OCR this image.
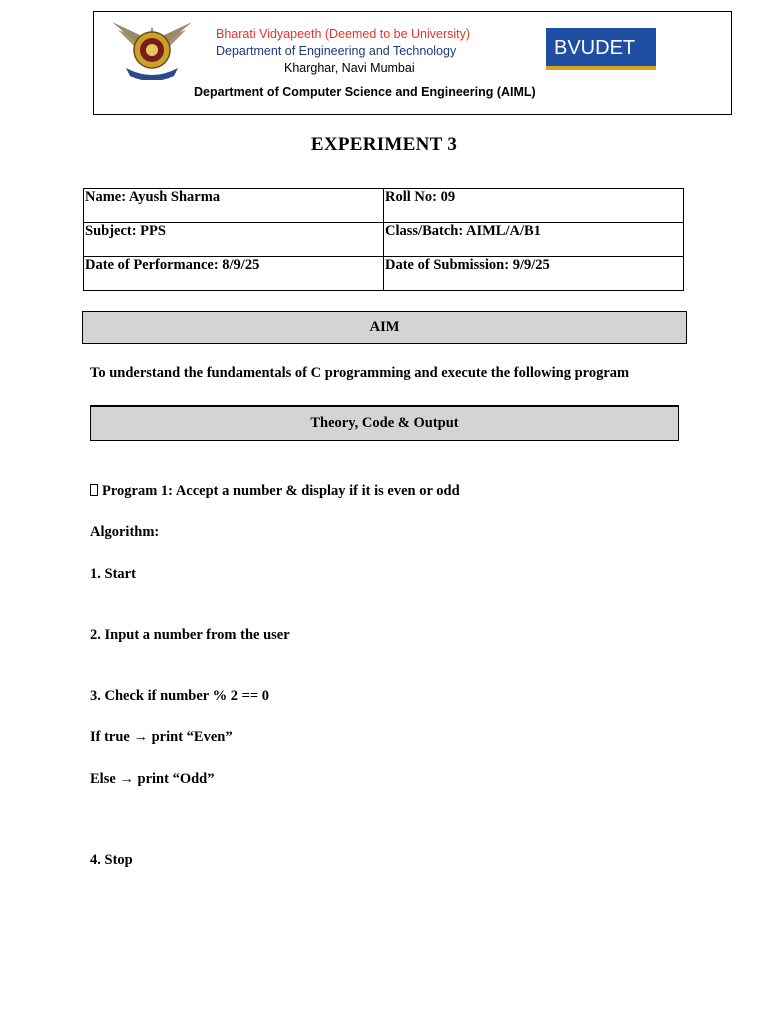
Bharati Vidyapeeth (Deemed to be University)
Department of Engineering and Technology
Kharghar, Navi Mumbai
Department of Computer Science and Engineering (AIML)
BVUDET
EXPERIMENT 3
Name: Ayush Sharma	Roll No: 09
Subject: PPS	Class/Batch: AIML/A/B1
Date of Performance: 8/9/25	Date of Submission: 9/9/25
AIM
To understand the fundamentals of C programming and execute the following program
Theory, Code & Output
Program 1: Accept a number & display if it is even or odd
Algorithm:
1. Start
2. Input a number from the user
3. Check if number % 2 == 0
If true → print “Even”
Else → print “Odd”
4. Stop
